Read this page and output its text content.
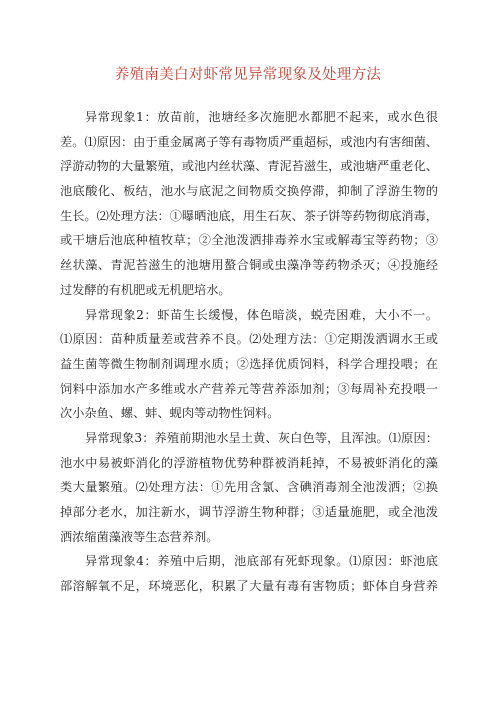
养殖南美白对虾常见异常现象及处理方法
异常现象1：放苗前，池塘经多次施肥水都肥不起来，或水色很
差。⑴原因：由于重金属离子等有毒物质严重超标，或池内有害细菌、
浮游动物的大量繁殖，或池内丝状藻、青泥苔滋生，或池塘严重老化、
池底酸化、板结，池水与底泥之间物质交换停滞，抑制了浮游生物的
生长。⑵处理方法：①曝晒池底，用生石灰、茶子饼等药物彻底消毒，
或干塘后池底种植牧草；②全池泼洒排毒养水宝或解毒宝等药物；③
丝状藻、青泥苔滋生的池塘用螯合铜或虫藻净等药物杀灭；④投施经
过发酵的有机肥或无机肥培水。
异常现象2：虾苗生长缓慢，体色暗淡，蜕壳困难，大小不一。
⑴原因：苗种质量差或营养不良。⑵处理方法：①定期泼洒调水王或
益生菌等微生物制剂调理水质；②选择优质饲料，科学合理投喂；在
饲料中添加水产多维或水产营养元等营养添加剂；③每周补充投喂一
次小杂鱼、螺、蚌、蚬肉等动物性饲料。
异常现象3：养殖前期池水呈土黄、灰白色等，且浑浊。⑴原因：
池水中易被虾消化的浮游植物优势种群被消耗掉，不易被虾消化的藻
类大量繁殖。⑵处理方法：①先用含氯、含碘消毒剂全池泼洒；②换
掉部分老水，加注新水，调节浮游生物种群；③适量施肥，或全池泼
洒浓缩菌藻液等生态营养剂。
异常现象4：养殖中后期，池底部有死虾现象。⑴原因：虾池底
部溶解氧不足，环境恶化，积累了大量有毒有害物质；虾体自身营养
